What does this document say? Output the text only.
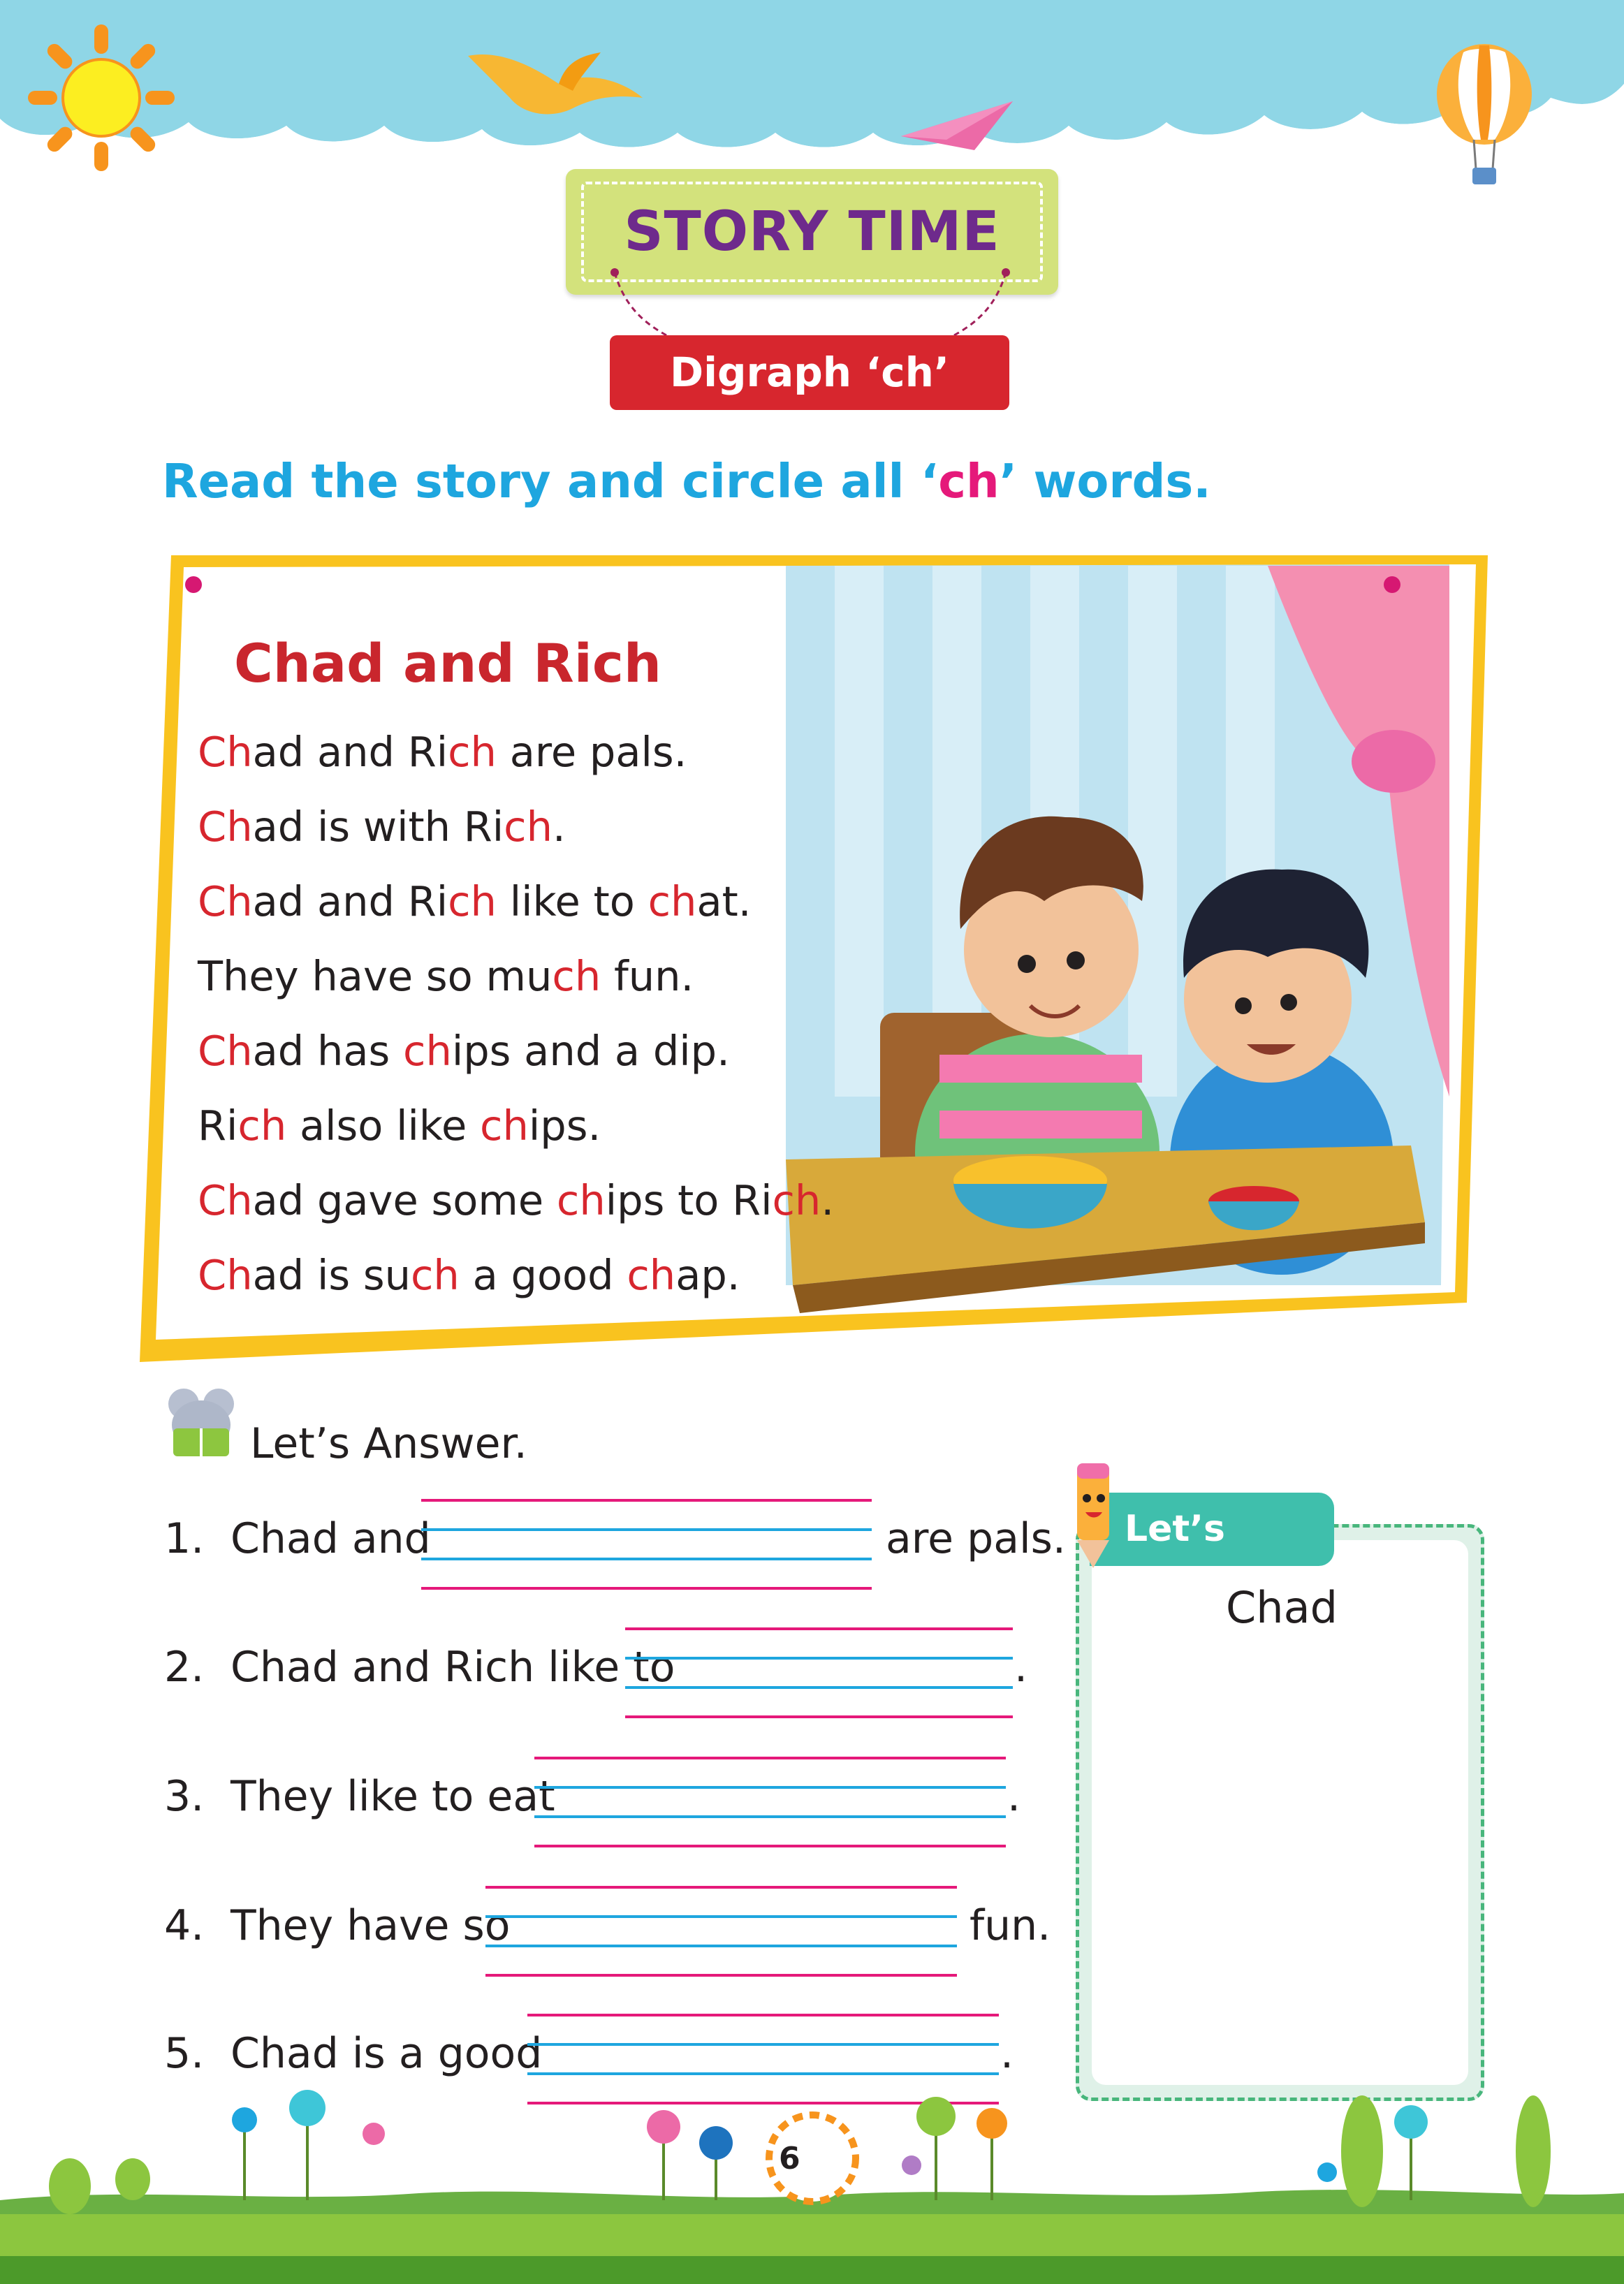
STORY TIME
Digraph ‘ch’
Read the story and circle all ‘ch’ words.
Chad and Rich
Chad and Rich are pals.
Chad is with Rich.
Chad and Rich like to chat.
They have so much fun.
Chad has chips and a dip.
Rich also like chips.
Chad gave some chips to Rich.
Chad is such a good chap.
Let’s Answer.
1. Chad and	are pals.
2. Chad and Rich like to	.
3. They like to eat	.
4. They have so	fun.
5. Chad is a good	.
Let’s Draw
Chad
6
